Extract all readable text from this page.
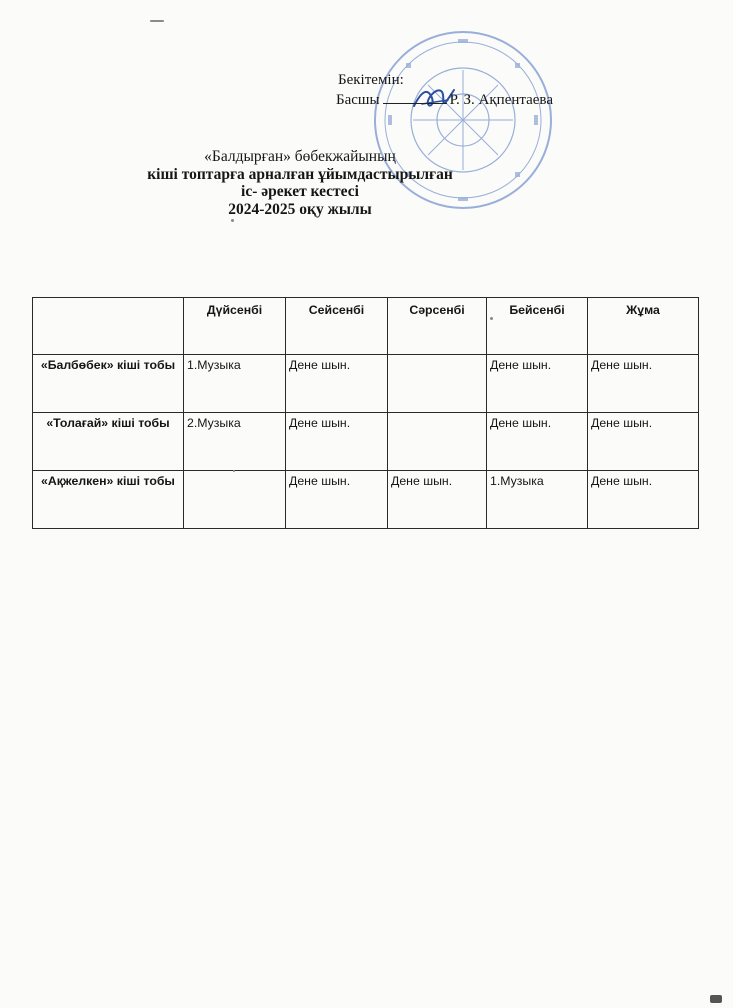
Бекітемін:
Басшы	Р. З. Ақпентаева
«Балдырған» бөбекжайының
кіші топтарға арналған ұйымдастырылған
іс- әрекет кестесі
2024-2025 оқу жылы
	Дүйсенбі	Сейсенбі	Сәрсенбі	Бейсенбі	Жұма
«Балбөбек» кіші тобы	1.Музыка	Дене шын.		Дене шын.	Дене шын.
«Толағай» кіші тобы	2.Музыка	Дене шын.		Дене шын.	Дене шын.
«Ақжелкен» кіші тобы		Дене шын.	Дене шын.	1.Музыка	Дене шын.
